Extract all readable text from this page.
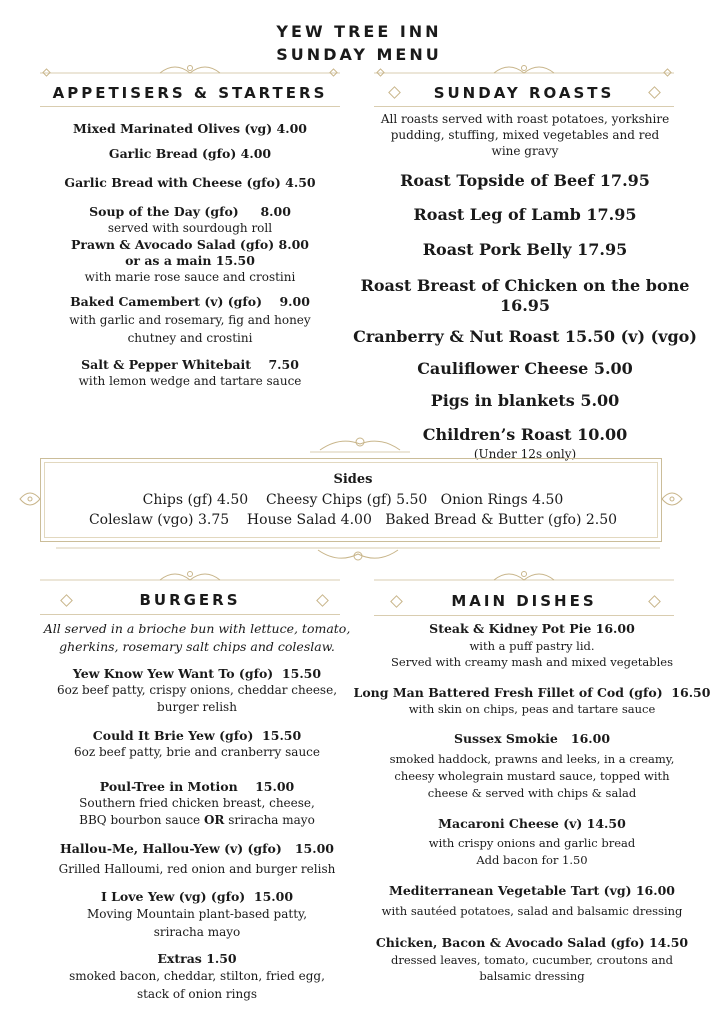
YEW TREE INN
SUNDAY MENU
APPETISERS & STARTERS	SUNDAY ROASTS
Mixed Marinated Olives (vg) 4.00
Garlic Bread (gfo) 4.00
Garlic Bread with Cheese (gfo) 4.50
Soup of the Day (gfo)     8.00
served with sourdough roll
Prawn & Avocado Salad (gfo) 8.00
or as a main 15.50
with marie rose sauce and crostini
Baked Camembert (v) (gfo)    9.00
with garlic and rosemary, fig and honey
chutney and crostini
Salt & Pepper Whitebait    7.50
with lemon wedge and tartare sauce
All roasts served with roast potatoes, yorkshire
pudding, stuffing, mixed vegetables and red
wine gravy
Roast Topside of Beef 17.95
Roast Leg of Lamb 17.95
Roast Pork Belly 17.95
Roast Breast of Chicken on the bone 16.95
Cranberry & Nut Roast 15.50 (v) (vgo)
Cauliflower Cheese 5.00
Pigs in blankets 5.00
Children’s Roast 10.00
(Under 12s only)
Sides
Chips (gf) 4.50    Cheesy Chips (gf) 5.50   Onion Rings 4.50
Coleslaw (vgo) 3.75    House Salad 4.00   Baked Bread & Butter (gfo) 2.50
BURGERS	MAIN DISHES
All served in a brioche bun with lettuce, tomato,
gherkins, rosemary salt chips and coleslaw.
Yew Know Yew Want To (gfo)  15.50
6oz beef patty, crispy onions, cheddar cheese,
burger relish
Could It Brie Yew (gfo)  15.50
6oz beef patty, brie and cranberry sauce
Poul-Tree in Motion    15.00
Southern fried chicken breast, cheese,
BBQ bourbon sauce OR sriracha mayo
Hallou-Me, Hallou-Yew (v) (gfo)   15.00
Grilled Halloumi, red onion and burger relish
I Love Yew (vg) (gfo)  15.00
Moving Mountain plant-based patty,
sriracha mayo
Extras 1.50
smoked bacon, cheddar, stilton, fried egg,
stack of onion rings
Steak & Kidney Pot Pie 16.00
with a puff pastry lid.
Served with creamy mash and mixed vegetables
Long Man Battered Fresh Fillet of Cod (gfo)  16.50
with skin on chips, peas and tartare sauce
Sussex Smokie   16.00
smoked haddock, prawns and leeks, in a creamy,
cheesy wholegrain mustard sauce, topped with
cheese & served with chips & salad
Macaroni Cheese (v) 14.50
with crispy onions and garlic bread
Add bacon for 1.50
Mediterranean Vegetable Tart (vg) 16.00
with sautéed potatoes, salad and balsamic dressing
Chicken, Bacon & Avocado Salad (gfo) 14.50
dressed leaves, tomato, cucumber, croutons and
balsamic dressing
